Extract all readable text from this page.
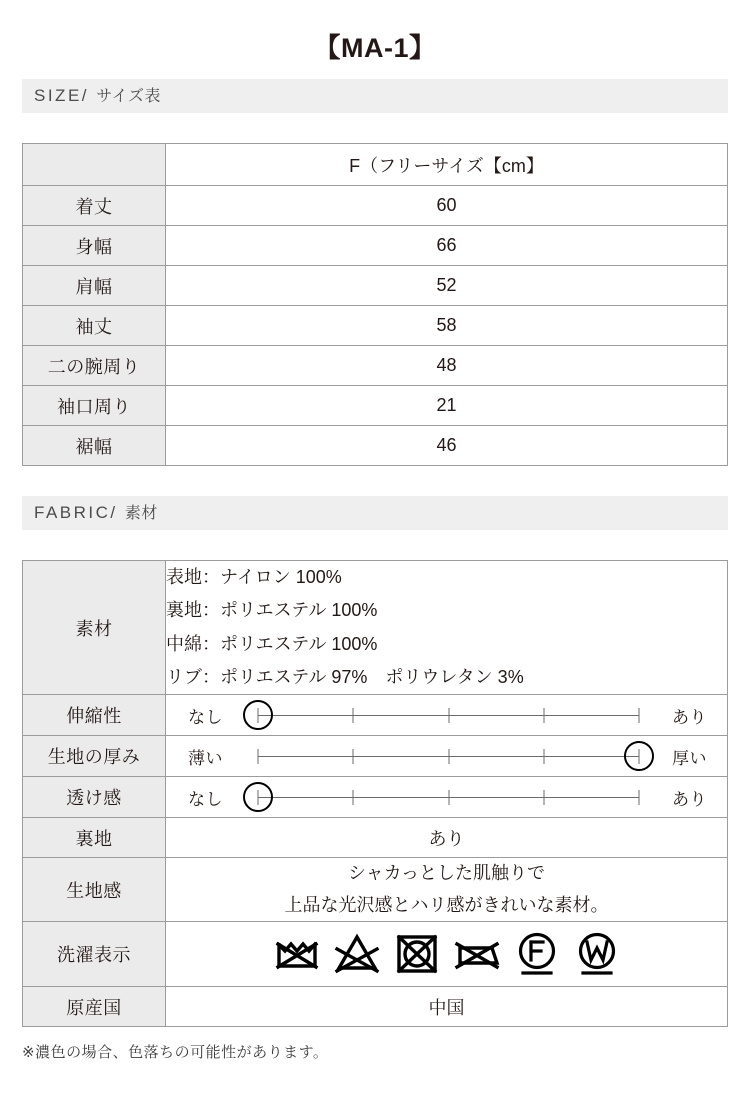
【MA-1】
SIZE/ サイズ表
	F（フリーサイズ【cm】
着丈	60
身幅	66
肩幅	52
袖丈	58
二の腕周り	48
袖口周り	21
裾幅	46
FABRIC/ 素材
素材	表地：ナイロン 100%
裏地：ポリエステル 100%
中綿：ポリエステル 100%
リブ：ポリエステル 97%　ポリウレタン 3%

伸縮性	なし あり

生地の厚み	薄い 厚い

透け感	なし あり

裏地	あり
生地感	シャカっとした肌触りで
上品な光沢感とハリ感がきれいな素材。

洗濯表示	

原産国	中国
※濃色の場合、色落ちの可能性があります。
